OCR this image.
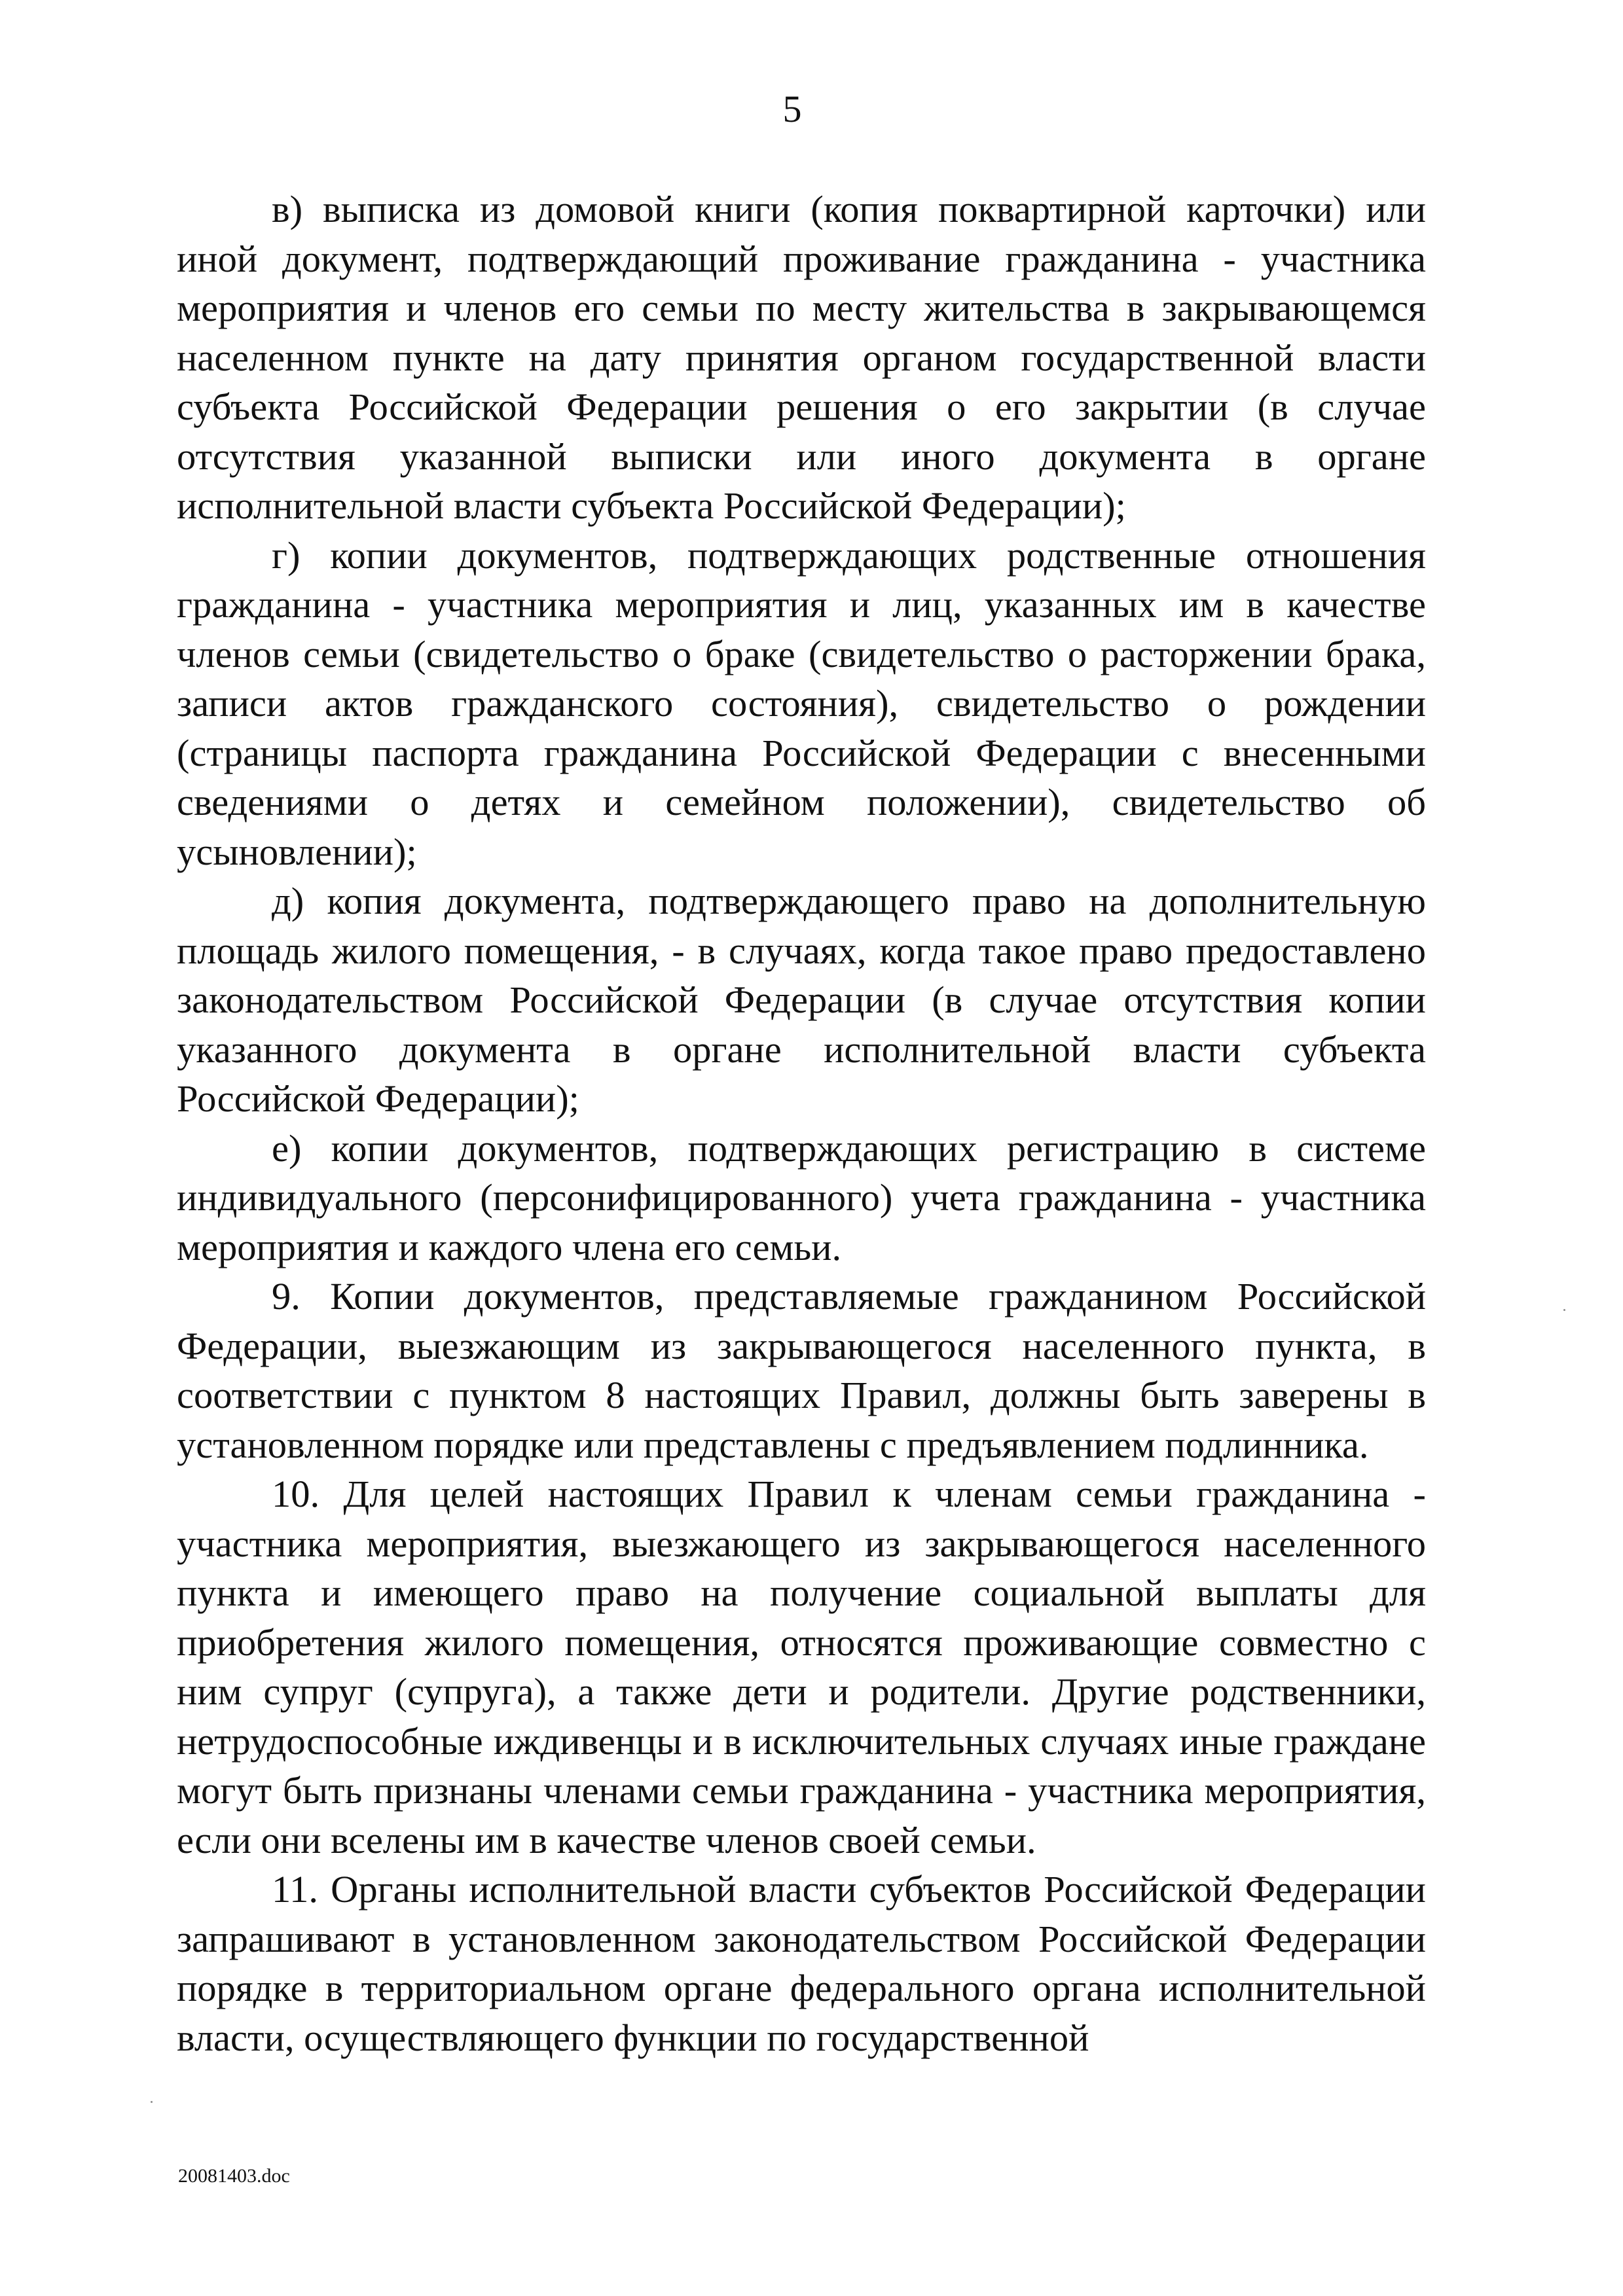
5

в) выписка из домовой книги (копия поквартирной карточки) или иной документ, подтверждающий проживание гражданина - участника мероприятия и членов его семьи по месту жительства в закрывающемся населенном пункте на дату принятия органом государственной власти субъекта Российской Федерации решения о его закрытии (в случае отсутствия указанной выписки или иного документа в органе исполнительной власти субъекта Российской Федерации);

г) копии документов, подтверждающих родственные отношения гражданина - участника мероприятия и лиц, указанных им в качестве членов семьи (свидетельство о браке (свидетельство о расторжении брака, записи актов гражданского состояния), свидетельство о рождении (страницы паспорта гражданина Российской Федерации с внесенными сведениями о детях и семейном положении), свидетельство об усыновлении);

д) копия документа, подтверждающего право на дополнительную площадь жилого помещения, - в случаях, когда такое право предоставлено законодательством Российской Федерации (в случае отсутствия копии указанного документа в органе исполнительной власти субъекта Российской Федерации);

е) копии документов, подтверждающих регистрацию в системе индивидуального (персонифицированного) учета гражданина - участника мероприятия и каждого члена его семьи.

9. Копии документов, представляемые гражданином Российской Федерации, выезжающим из закрывающегося населенного пункта, в соответствии с пунктом 8 настоящих Правил, должны быть заверены в установленном порядке или представлены с предъявлением подлинника.

10. Для целей настоящих Правил к членам семьи гражданина - участника мероприятия, выезжающего из закрывающегося населенного пункта и имеющего право на получение социальной выплаты для приобретения жилого помещения, относятся проживающие совместно с ним супруг (супруга), а также дети и родители. Другие родственники, нетрудоспособные иждивенцы и в исключительных случаях иные граждане могут быть признаны членами семьи гражданина - участника мероприятия, если они вселены им в качестве членов своей семьи.

11. Органы исполнительной власти субъектов Российской Федерации запрашивают в установленном законодательством Российской Федерации порядке в территориальном органе федерального органа исполнительной власти, осуществляющего функции по государственной

20081403.doc
